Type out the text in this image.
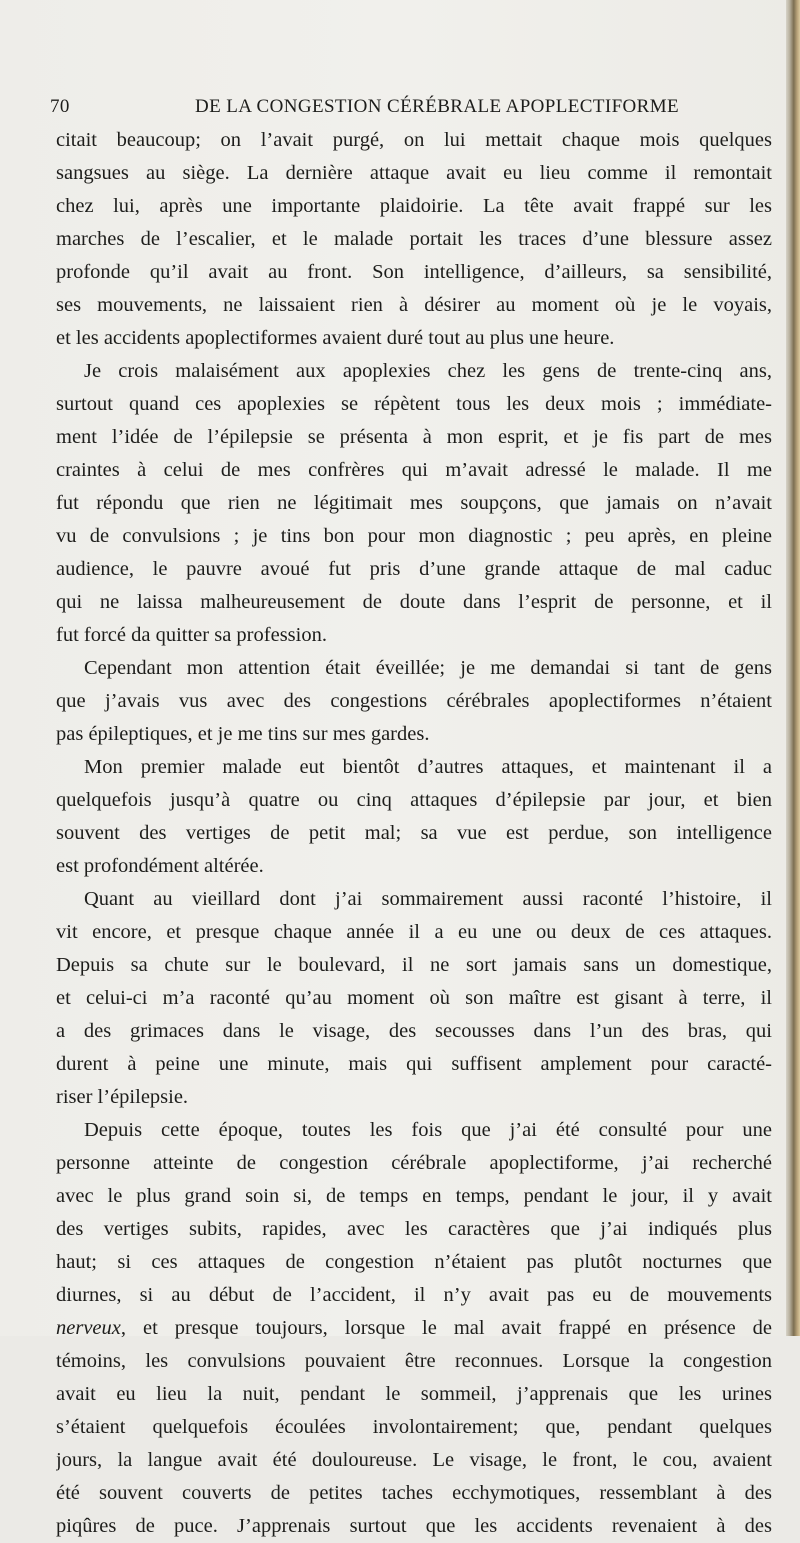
70	DE LA CONGESTION CÉRÉBRALE APOPLECTIFORME
citait beaucoup; on l’avait purgé, on lui mettait chaque mois quelques
sangsues au siège. La dernière attaque avait eu lieu comme il remontait
chez lui, après une importante plaidoirie. La tête avait frappé sur les
marches de l’escalier, et le malade portait les traces d’une blessure assez
profonde qu’il avait au front. Son intelligence, d’ailleurs, sa sensibilité,
ses mouvements, ne laissaient rien à désirer au moment où je le voyais,
et les accidents apoplectiformes avaient duré tout au plus une heure.
Je crois malaisément aux apoplexies chez les gens de trente-cinq ans,
surtout quand ces apoplexies se répètent tous les deux mois ; immédiate-
ment l’idée de l’épilepsie se présenta à mon esprit, et je fis part de mes
craintes à celui de mes confrères qui m’avait adressé le malade. Il me
fut répondu que rien ne légitimait mes soupçons, que jamais on n’avait
vu de convulsions ; je tins bon pour mon diagnostic ; peu après, en pleine
audience, le pauvre avoué fut pris d’une grande attaque de mal caduc
qui ne laissa malheureusement de doute dans l’esprit de personne, et il
fut forcé da quitter sa profession.
Cependant mon attention était éveillée; je me demandai si tant de gens
que j’avais vus avec des congestions cérébrales apoplectiformes n’étaient
pas épileptiques, et je me tins sur mes gardes.
Mon premier malade eut bientôt d’autres attaques, et maintenant il a
quelquefois jusqu’à quatre ou cinq attaques d’épilepsie par jour, et bien
souvent des vertiges de petit mal; sa vue est perdue, son intelligence
est profondément altérée.
Quant au vieillard dont j’ai sommairement aussi raconté l’histoire, il
vit encore, et presque chaque année il a eu une ou deux de ces attaques.
Depuis sa chute sur le boulevard, il ne sort jamais sans un domestique,
et celui-ci m’a raconté qu’au moment où son maître est gisant à terre, il
a des grimaces dans le visage, des secousses dans l’un des bras, qui
durent à peine une minute, mais qui suffisent amplement pour caracté-
riser l’épilepsie.
Depuis cette époque, toutes les fois que j’ai été consulté pour une
personne atteinte de congestion cérébrale apoplectiforme, j’ai recherché
avec le plus grand soin si, de temps en temps, pendant le jour, il y avait
des vertiges subits, rapides, avec les caractères que j’ai indiqués plus
haut; si ces attaques de congestion n’étaient pas plutôt nocturnes que
diurnes, si au début de l’accident, il n’y avait pas eu de mouvements
nerveux, et presque toujours, lorsque le mal avait frappé en présence de
témoins, les convulsions pouvaient être reconnues. Lorsque la congestion
avait eu lieu la nuit, pendant le sommeil, j’apprenais que les urines
s’étaient quelquefois écoulées involontairement; que, pendant quelques
jours, la langue avait été douloureuse. Le visage, le front, le cou, avaient
été souvent couverts de petites taches ecchymotiques, ressemblant à des
piqûres de puce. J’apprenais surtout que les accidents revenaient à des
